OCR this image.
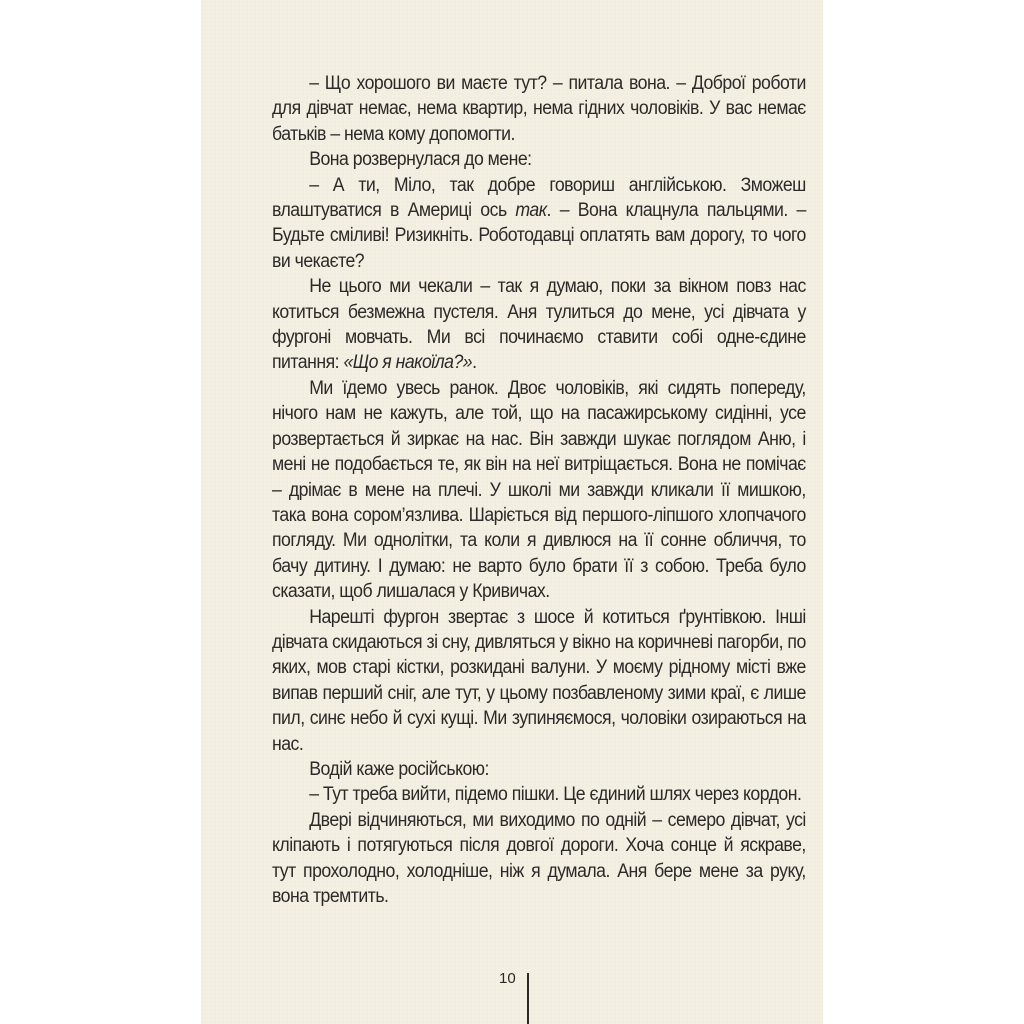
– Що хорошого ви маєте тут? – питала вона. – Доброї роботи для дівчат немає, нема квартир, нема гідних чоловіків. У вас немає батьків – нема кому допомогти.

Вона розвернулася до мене:

– А ти, Міло, так добре говориш англійською. Зможеш влаштуватися в Америці ось так. – Вона клацнула пальцями. – Будьте сміливі! Ризикніть. Роботодавці оплатять вам дорогу, то чого ви чекаєте?

Не цього ми чекали – так я думаю, поки за вікном повз нас котиться безмежна пустеля. Аня тулиться до мене, усі дівчата у фургоні мовчать. Ми всі починаємо ставити собі одне-єдине питання: «Що я накоїла?».

Ми їдемо увесь ранок. Двоє чоловіків, які сидять попереду, нічого нам не кажуть, але той, що на пасажирському сидінні, усе розвертається й зиркає на нас. Він завжди шукає поглядом Аню, і мені не подобається те, як він на неї витріщається. Вона не помічає – дрімає в мене на плечі. У школі ми завжди кликали її мишкою, така вона сором’язлива. Шаріється від першого-ліпшого хлопчачого погляду. Ми однолітки, та коли я дивлюся на її сонне обличчя, то бачу дитину. І думаю: не варто було брати її з собою. Треба було сказати, щоб лишалася у Кривичах.

Нарешті фургон звертає з шосе й котиться ґрунтівкою. Інші дівчата скидаються зі сну, дивляться у вікно на коричневі пагорби, по яких, мов старі кістки, розкидані валуни. У моєму рідному місті вже випав перший сніг, але тут, у цьому позбавленому зими краї, є лише пил, синє небо й сухі кущі. Ми зупиняємося, чоловіки озираються на нас.

Водій каже російською:

– Тут треба вийти, підемо пішки. Це єдиний шлях через кордон.

Двері відчиняються, ми виходимо по одній – семеро дівчат, усі кліпають і потягуються після довгої дороги. Хоча сонце й яскраве, тут прохолодно, холодніше, ніж я думала. Аня бере мене за руку, вона тремтить.

10
